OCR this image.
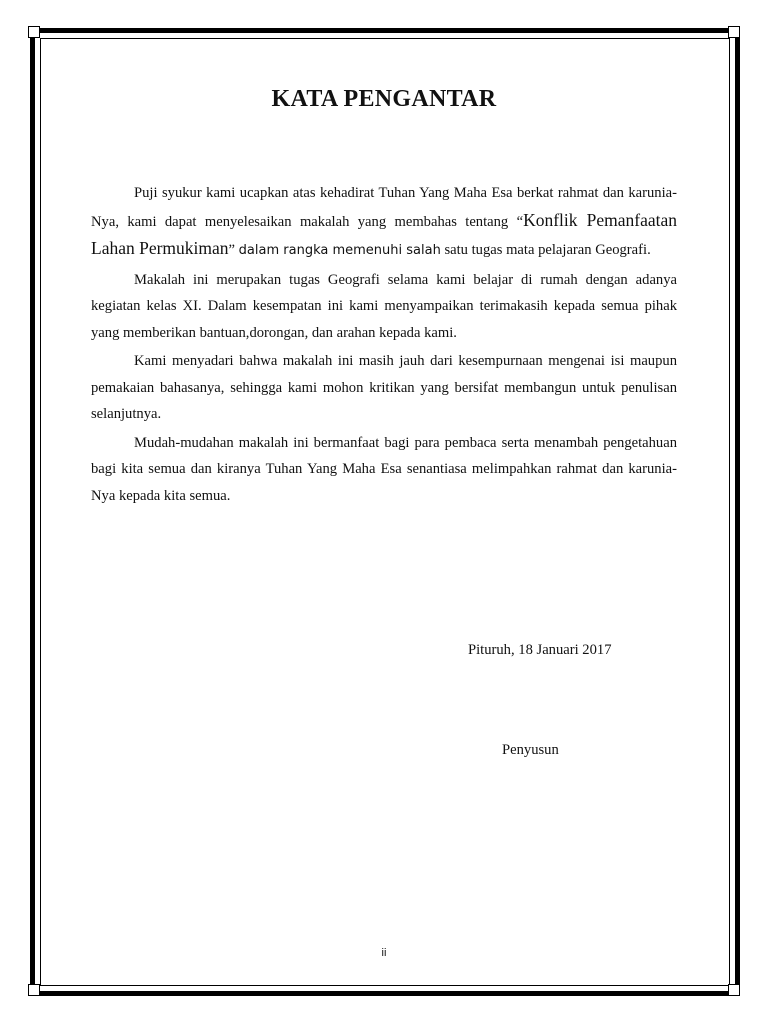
KATA PENGANTAR

Puji syukur kami ucapkan atas kehadirat Tuhan Yang Maha Esa berkat rahmat dan karunia-Nya, kami dapat menyelesaikan makalah yang membahas tentang “Konflik Pemanfaatan Lahan Permukiman” dalam rangka memenuhi salah satu tugas mata pelajaran Geografi.

Makalah ini merupakan tugas Geografi selama kami belajar di rumah dengan adanya kegiatan kelas XI. Dalam kesempatan ini kami menyampaikan terimakasih kepada semua pihak yang memberikan bantuan,dorongan, dan arahan kepada kami.

Kami menyadari bahwa makalah ini masih jauh dari kesempurnaan mengenai isi maupun pemakaian bahasanya, sehingga kami mohon kritikan yang bersifat membangun untuk penulisan selanjutnya.

Mudah-mudahan makalah ini bermanfaat bagi para pembaca serta menambah pengetahuan bagi kita semua dan kiranya Tuhan Yang Maha Esa senantiasa melimpahkan rahmat dan karunia-Nya kepada kita semua.

Pituruh, 18 Januari 2017
Penyusun
ii
